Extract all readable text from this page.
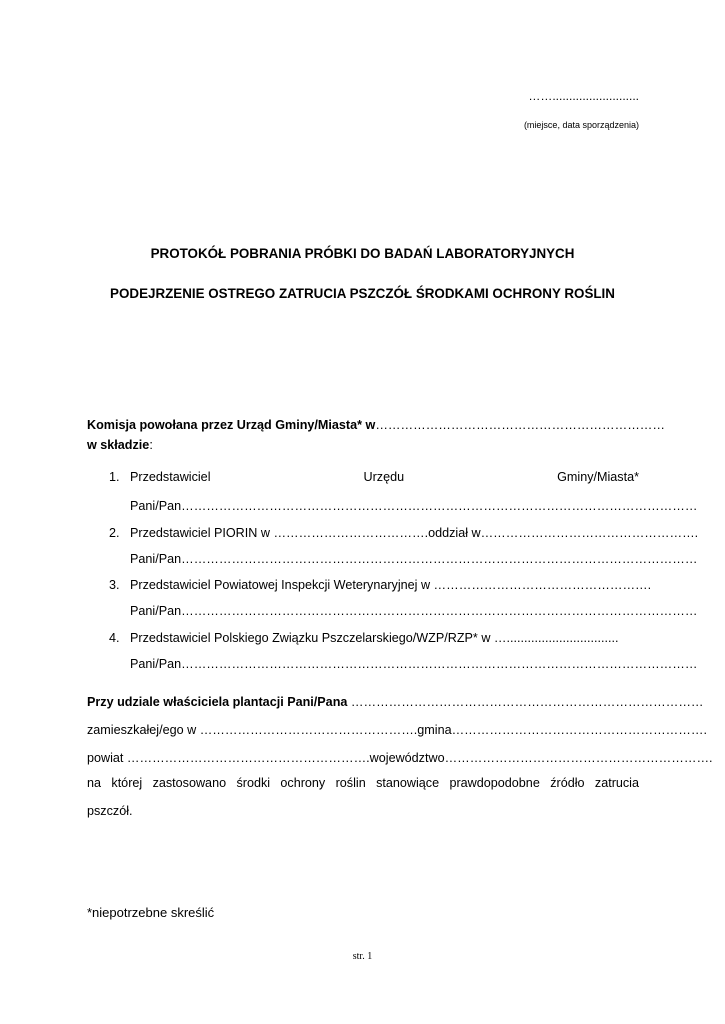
……..........................
(miejsce, data sporządzenia)
PROTOKÓŁ POBRANIA PRÓBKI DO BADAŃ LABORATORYJNYCH
PODEJRZENIE OSTREGO ZATRUCIA PSZCZÓŁ ŚRODKAMI OCHRONY ROŚLIN
Komisja powołana przez Urząd Gminy/Miasta* w……………………………………………………………
w składzie:
1. Przedstawiciel	Urzędu	Gminy/Miasta*
Pani/Pan……………………………………………………………………………………………………………
2. Przedstawiciel PIORIN w ……………………………….oddział w…………………………………………….
Pani/Pan……………………………………………………………………………………………………………
3. Przedstawiciel Powiatowej Inspekcji Weterynaryjnej w …………………………………………….
Pani/Pan……………………………………………………………………………………………………………
4. Przedstawiciel Polskiego Związku Pszczelarskiego/WZP/RZP* w …................................
Pani/Pan……………………………………………………………………………………………………………
Przy udziale właściciela plantacji Pani/Pana …………………………………………………………………………
zamieszkałej/ego w …………………………………………….gmina…………………………………………………….
powiat ………………………………………………….województwo……………………………………………………….
na której zastosowano środki ochrony roślin stanowiące prawdopodobne źródło zatrucia
pszczół.
*niepotrzebne skreślić
str. 1
